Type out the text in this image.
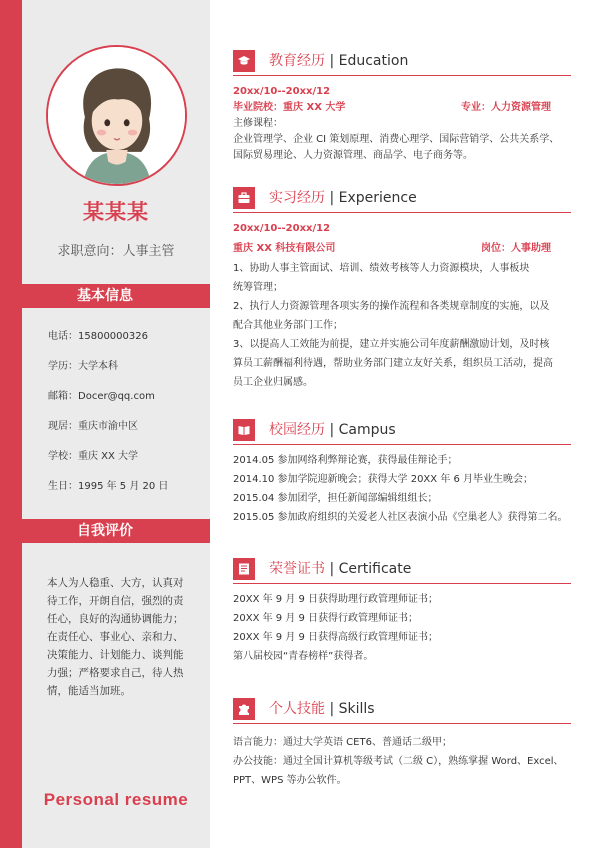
某某某
求职意向：人事主管
基本信息
电话：15800000326
学历：大学本科
邮箱：Docer@qq.com
现居：重庆市渝中区
学校：重庆 XX 大学
生日：1995 年 5 月 20 日
自我评价
本人为人稳重、大方，认真对
待工作，开朗自信，强烈的责
任心，良好的沟通协调能力；
在责任心、事业心、亲和力、
决策能力、计划能力、谈判能
力强；严格要求自己，待人热
情，能适当加班。
Personal resume
教育经历 | Education
20xx/10--20xx/12
毕业院校：重庆 XX 大学	专业：人力资源管理
主修课程：
企业管理学、企业 CI 策划原理、消费心理学、国际营销学、公共关系学、
国际贸易理论、人力资源管理、商品学、电子商务等。
实习经历 | Experience
20xx/10--20xx/12
重庆 XX 科技有限公司	岗位：人事助理
1、协助人事主管面试、培训、绩效考核等人力资源模块，人事板块
统筹管理；
2、执行人力资源管理各项实务的操作流程和各类规章制度的实施，以及
配合其他业务部门工作；
3、以提高人工效能为前提，建立并实施公司年度薪酬激励计划，及时核
算员工薪酬福利待遇，帮助业务部门建立友好关系，组织员工活动，提高
员工企业归属感。
校园经历 | Campus
2014.05 参加网络利弊辩论赛，获得最佳辩论手；
2014.10 参加学院迎新晚会；获得大学 20XX 年 6 月毕业生晚会；
2015.04 参加团学，担任新闻部编辑组组长；
2015.05 参加政府组织的关爱老人社区表演小品《空巢老人》获得第二名。
荣誉证书 | Certificate
20XX 年 9 月 9 日获得助理行政管理师证书；
20XX 年 9 月 9 日获得行政管理师证书；
20XX 年 9 月 9 日获得高级行政管理师证书；
第八届校园“青春榜样”获得者。
个人技能 | Skills
语言能力：通过大学英语 CET6、普通话二级甲；
办公技能：通过全国计算机等级考试（二级 C），熟练掌握 Word、Excel、
PPT、WPS 等办公软件。
